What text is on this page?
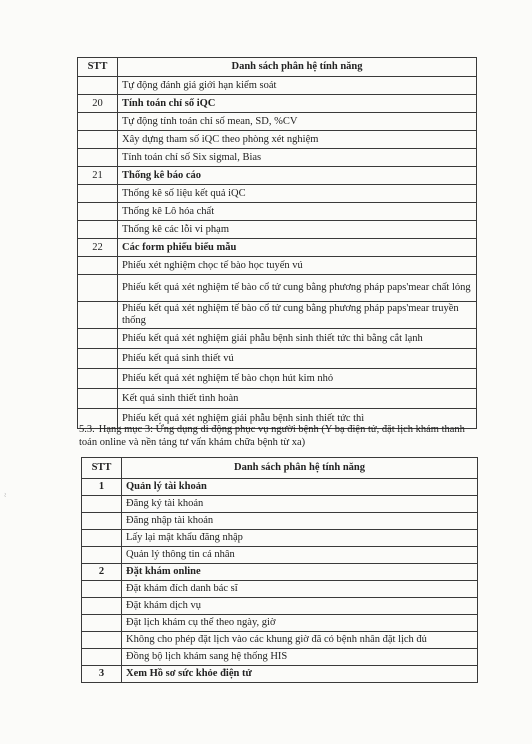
STT	Danh sách phân hệ tính năng
	Tự động đánh giá giới hạn kiểm soát
20	Tính toán chỉ số iQC
	Tự động tính toán chỉ số mean, SD, %CV
	Xây dựng tham số iQC theo phòng xét nghiệm
	Tính toán chỉ số Six sigmal, Bias
21	Thống kê báo cáo
	Thống kê số liệu kết quả iQC
	Thống kê Lô hóa chất
	Thống kê các lỗi vi phạm
22	Các form phiếu biểu mẫu
	Phiếu xét nghiệm chọc tế bào học tuyến vú
	Phiếu kết quả xét nghiệm tế bào cổ tử cung bằng phương pháp paps'mear chất lỏng
	Phiếu kết quả xét nghiệm tế bào cổ tử cung bằng phương pháp paps'mear truyền thống
	Phiếu kết quả xét nghiệm giải phẫu bệnh sinh thiết tức thì bằng cắt lạnh
	Phiếu kết quả sinh thiết vú
	Phiếu kết quả xét nghiệm tế bào chọn hút kim nhỏ
	Kết quả sinh thiết tình hoàn
	Phiếu kết quả xét nghiệm giải phẫu bệnh sinh thiết tức thì
5.3. Hạng mục 3: Ứng dụng di động phục vụ người bệnh (Y bạ điện tử, đặt lịch khám thanh toán online và nền tảng tư vấn khám chữa bệnh từ xa)
STT	Danh sách phân hệ tính năng
1	Quản lý tài khoản
	Đăng ký tài khoản
	Đăng nhập tài khoản
	Lấy lại mật khẩu đăng nhập
	Quản lý thông tin cá nhân
2	Đặt khám online
	Đặt khám đích danh bác sĩ
	Đặt khám dịch vụ
	Đặt lịch khám cụ thể theo ngày, giờ
	Không cho phép đặt lịch vào các khung giờ đã có bệnh nhân đặt lịch đủ
	Đồng bộ lịch khám sang hệ thống HIS
3	Xem Hồ sơ sức khỏe điện tử
~
